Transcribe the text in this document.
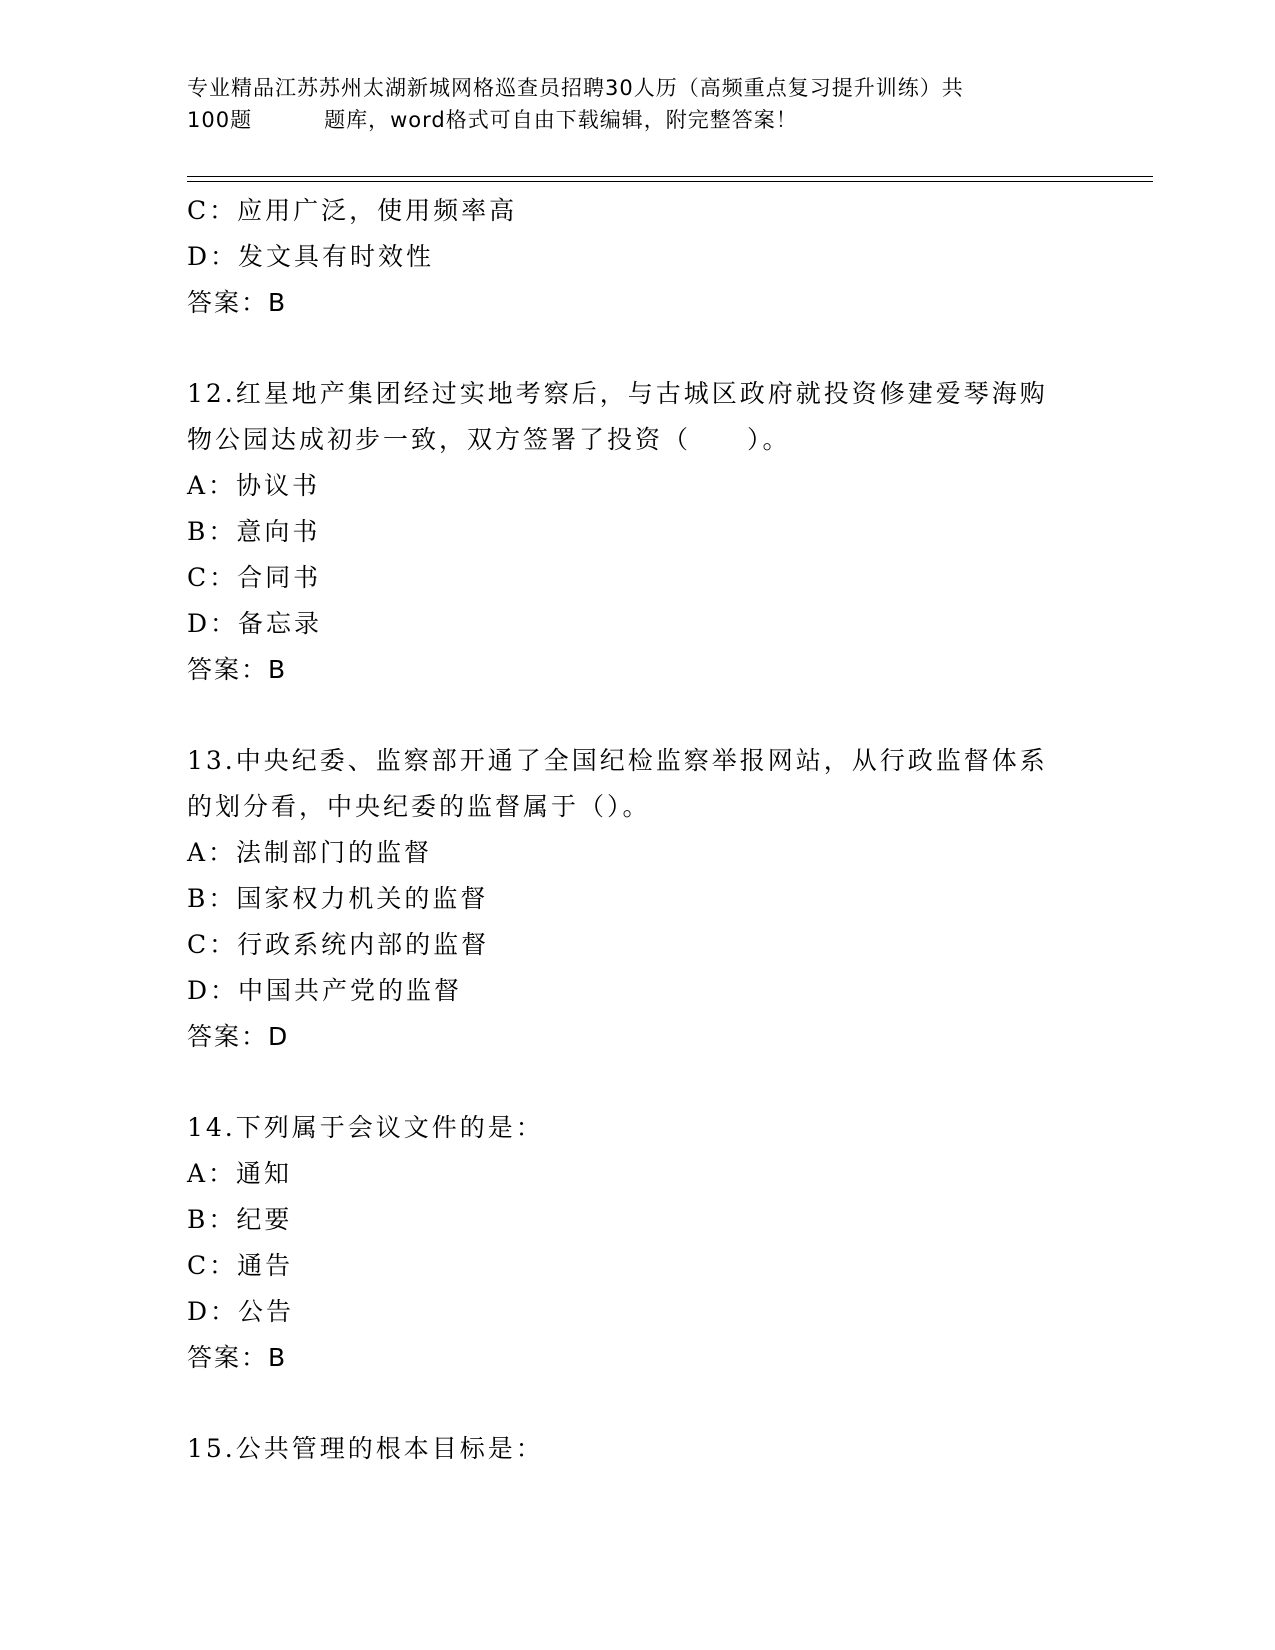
专业精品江苏苏州太湖新城网格巡查员招聘30人历（高频重点复习提升训练）共
100题	题库，word格式可自由下载编辑，附完整答案！
C：应用广泛，使用频率高
D：发文具有时效性
答案：B
12.红星地产集团经过实地考察后，与古城区政府就投资修建爱琴海购
物公园达成初步一致，双方签署了投资（　　）。
A：协议书
B：意向书
C：合同书
D：备忘录
答案：B
13.中央纪委、监察部开通了全国纪检监察举报网站，从行政监督体系
的划分看，中央纪委的监督属于（）。
A：法制部门的监督
B：国家权力机关的监督
C：行政系统内部的监督
D：中国共产党的监督
答案：D
14.下列属于会议文件的是：
A：通知
B：纪要
C：通告
D：公告
答案：B
15.公共管理的根本目标是：
